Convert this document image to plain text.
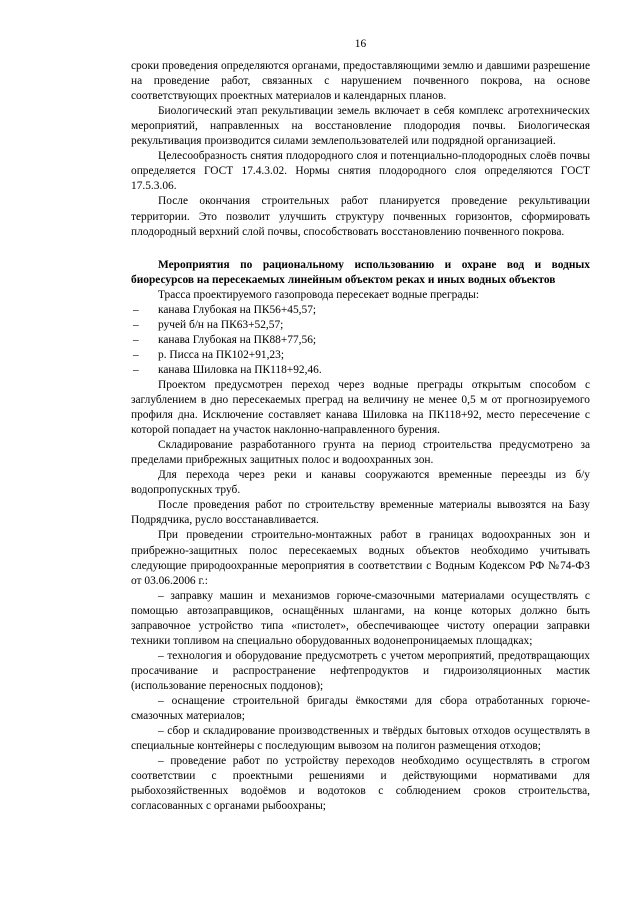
16

сроки проведения определяются органами, предоставляющими землю и давшими разрешение на проведение работ, связанных с нарушением почвенного покрова, на основе соответствующих проектных материалов и календарных планов.

Биологический этап рекультивации земель включает в себя комплекс агротехнических мероприятий, направленных на восстановление плодородия почвы. Биологическая рекультивация производится силами землепользователей или подрядной организацией.

Целесообразность снятия плодородного слоя и потенциально-плодородных слоёв почвы определяется ГОСТ 17.4.3.02. Нормы снятия плодородного слоя определяются ГОСТ 17.5.3.06.

После окончания строительных работ планируется проведение рекультивации территории. Это позволит улучшить структуру почвенных горизонтов, сформировать плодородный верхний слой почвы, способствовать восстановлению почвенного покрова.

Мероприятия по рациональному использованию и охране вод и водных биоресурсов на пересекаемых линейным объектом реках и иных водных объектов

Трасса проектируемого газопровода пересекает водные преграды:

– канава Глубокая на ПК56+45,57;
– ручей б/н на ПК63+52,57;
– канава Глубокая на ПК88+77,56;
– р. Писса на ПК102+91,23;
– канава Шиловка на ПК118+92,46.

Проектом предусмотрен переход через водные преграды открытым способом с заглублением в дно пересекаемых преград на величину не менее 0,5 м от прогнозируемого профиля дна. Исключение составляет канава Шиловка на ПК118+92, место пересечение с которой попадает на участок наклонно-направленного бурения.

Складирование разработанного грунта на период строительства предусмотрено за пределами прибрежных защитных полос и водоохранных зон.

Для перехода через реки и канавы сооружаются временные переезды из б/у водопропускных труб.

После проведения работ по строительству временные материалы вывозятся на Базу Подрядчика, русло восстанавливается.

При проведении строительно-монтажных работ в границах водоохранных зон и прибрежно-защитных полос пересекаемых водных объектов необходимо учитывать следующие природоохранные мероприятия в соответствии с Водным Кодексом РФ №74-ФЗ от 03.06.2006 г.:

– заправку машин и механизмов горюче-смазочными материалами осуществлять с помощью автозаправщиков, оснащённых шлангами, на конце которых должно быть заправочное устройство типа «пистолет», обеспечивающее чистоту операции заправки техники топливом на специально оборудованных водонепроницаемых площадках;

– технология и оборудование предусмотреть с учетом мероприятий, предотвращающих просачивание и распространение нефтепродуктов и гидроизоляционных мастик (использование переносных поддонов);

– оснащение строительной бригады ёмкостями для сбора отработанных горюче-смазочных материалов;

– сбор и складирование производственных и твёрдых бытовых отходов осуществлять в специальные контейнеры с последующим вывозом на полигон размещения отходов;

– проведение работ по устройству переходов необходимо осуществлять в строгом соответствии с проектными решениями и действующими нормативами для рыбохозяйственных водоёмов и водотоков с соблюдением сроков строительства, согласованных с органами рыбоохраны;
